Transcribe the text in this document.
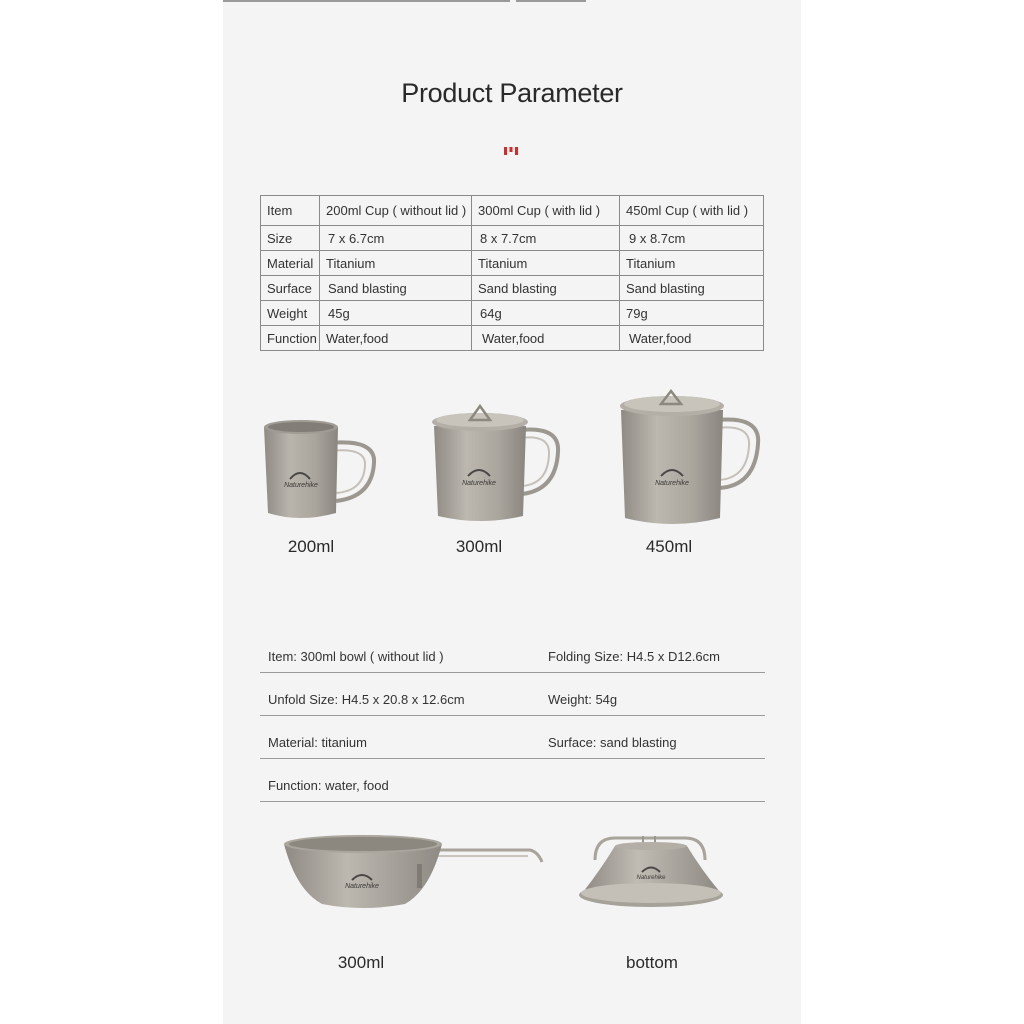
Product Parameter
Item	200ml Cup ( without lid )	300ml Cup ( with lid )	450ml Cup ( with lid )
Size	7 x 6.7cm	8 x 7.7cm	9 x 8.7cm
Material	Titanium	Titanium	Titanium
Surface	Sand blasting	Sand blasting	Sand blasting
Weight	45g	64g	79g
Function	Water,food	Water,food	Water,food
Naturehike
200ml
Naturehike
300ml
Naturehike
450ml
Item: 300ml bowl ( without lid )	Folding Size: H4.5 x D12.6cm
Unfold Size: H4.5 x 20.8 x 12.6cm	Weight: 54g
Material: titanium	Surface: sand blasting
Function: water, food
Naturehike
300ml
Naturehike
bottom
